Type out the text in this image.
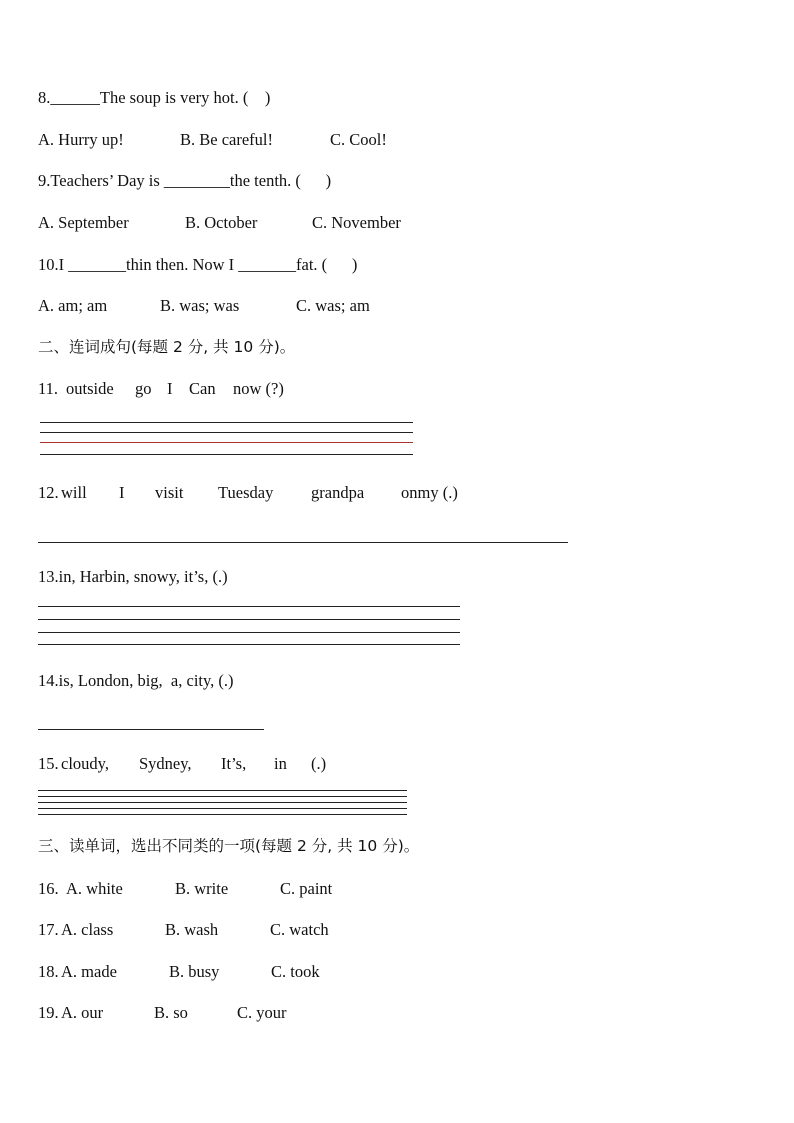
8.______The soup is very hot. (    )
A. Hurry up!	B. Be careful!	C. Cool!
9.Teachers’ Day is ________the tenth. (      )
A. September	B. October	C. November
10.I _______thin then. Now I _______fat. (      )
A. am; am	B. was; was	C. was; am
二、连词成句(每题 2 分, 共 10 分)。
11. outside go I Can now (?)
12. will I visit Tuesday grandpa onmy (.)
13.in, Harbin, snowy, it’s, (.)
14.is, London, big,  a, city, (.)
15. cloudy, Sydney, It’s, in (.)
三、读单词，选出不同类的一项(每题 2 分, 共 10 分)。
16. A. white	B. write	C. paint
17. A. class	B. wash	C. watch
18. A. made	B. busy	C. took
19. A. our	B. so	C. your
